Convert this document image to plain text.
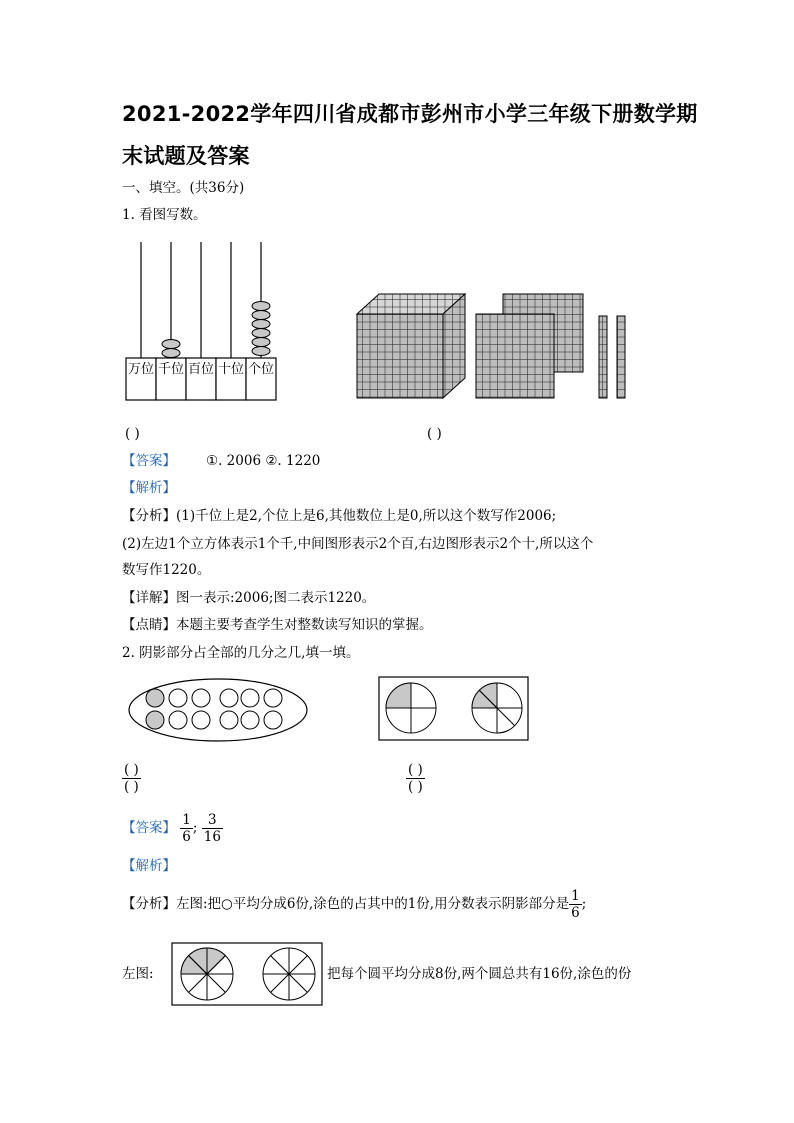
2021-2022学年四川省成都市彭州市小学三年级下册数学期
末试题及答案
一、填空。(共36分)
1. 看图写数。
万位 千位 百位 十位 个位
( )	( )
【答案】 ①. 2006 ②. 1220
【解析】
【分析】(1)千位上是2,个位上是6,其他数位上是0,所以这个数写作2006;
(2)左边1个立方体表示1个千,中间图形表示2个百,右边图形表示2个十,所以这个
数写作1220。
【详解】图一表示:2006;图二表示1220。
【点睛】本题主要考查学生对整数读写知识的掌握。
2. 阴影部分占全部的几分之几,填一填。
( )
( )
( )
( )
【答案】 $\frac{1}{6}$ ; $\frac{3}{16}$
【解析】
【分析】左图:把○平均分成6份,涂色的占其中的1份,用分数表示阴影部分是 $\frac{1}{6}$ ;
左图:	把每个圆平均分成8份,两个圆总共有16份,涂色的份
